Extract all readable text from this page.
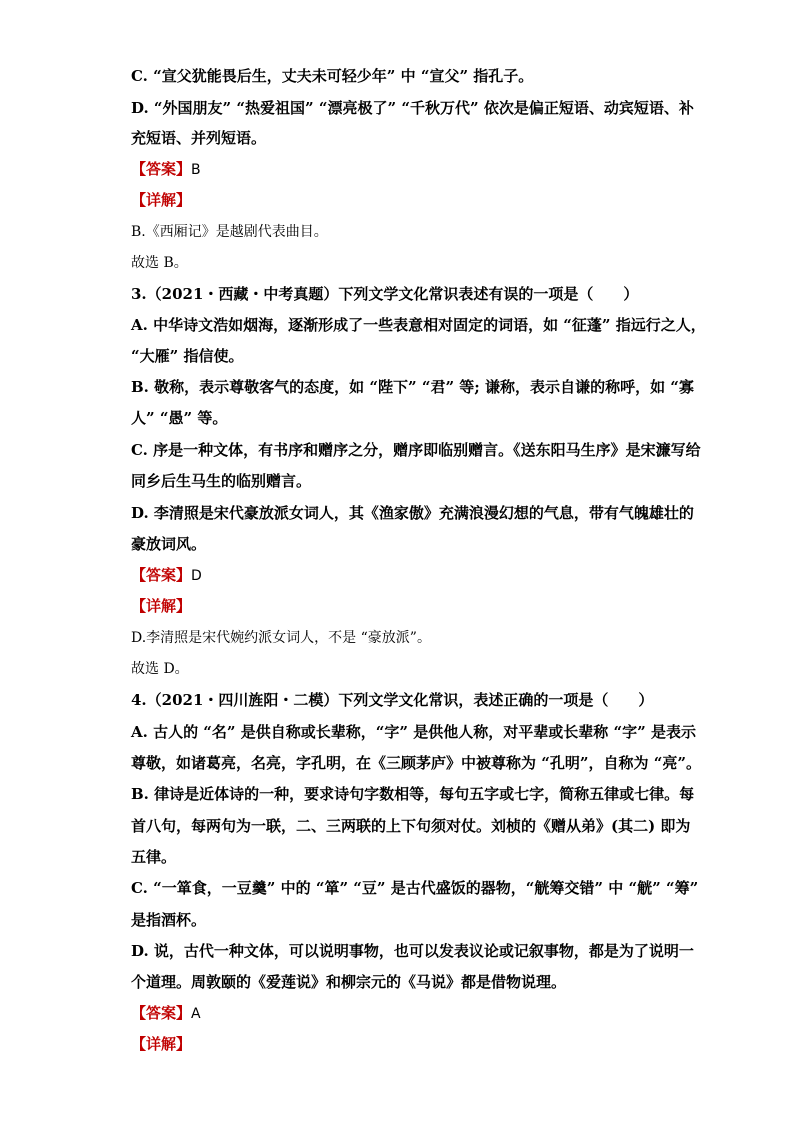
C. “宣父犹能畏后生，丈夫未可轻少年” 中 “宣父” 指孔子。
D. “外国朋友” “热爱祖国” “漂亮极了” “千秋万代” 依次是偏正短语、动宾短语、补
充短语、并列短语。
【答案】B
【详解】
B.《西厢记》是越剧代表曲目。
故选 B。
3.（2021・西藏・中考真题）下列文学文化常识表述有误的一项是（　　）
A. 中华诗文浩如烟海，逐渐形成了一些表意相对固定的词语，如 “征蓬” 指远行之人，
“大雁” 指信使。
B. 敬称，表示尊敬客气的态度，如 “陛下” “君” 等; 谦称，表示自谦的称呼，如 “寡
人” “愚” 等。
C. 序是一种文体，有书序和赠序之分，赠序即临别赠言。《送东阳马生序》是宋濂写给
同乡后生马生的临别赠言。
D. 李清照是宋代豪放派女词人，其《渔家傲》充满浪漫幻想的气息，带有气魄雄壮的
豪放词风。
【答案】D
【详解】
D.李清照是宋代婉约派女词人，不是 “豪放派”。
故选 D。
4.（2021・四川旌阳・二模）下列文学文化常识，表述正确的一项是（　　）
A. 古人的 “名” 是供自称或长辈称，“字” 是供他人称，对平辈或长辈称 “字” 是表示
尊敬，如诸葛亮，名亮，字孔明，在《三顾茅庐》中被尊称为 “孔明”，自称为 “亮”。
B. 律诗是近体诗的一种，要求诗句字数相等，每句五字或七字，简称五律或七律。每
首八句，每两句为一联，二、三两联的上下句须对仗。刘桢的《赠从弟》(其二) 即为
五律。
C. “一箪食，一豆羹” 中的 “箪” “豆” 是古代盛饭的器物，“觥筹交错” 中 “觥” “筹”
是指酒杯。
D. 说，古代一种文体，可以说明事物，也可以发表议论或记叙事物，都是为了说明一
个道理。周敦颐的《爱莲说》和柳宗元的《马说》都是借物说理。
【答案】A
【详解】
